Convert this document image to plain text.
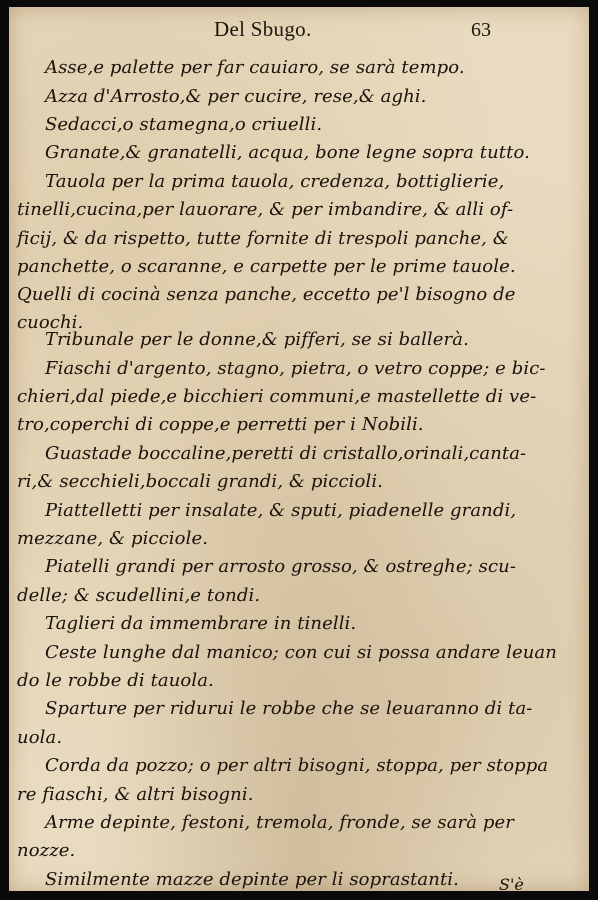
Del Sbugo.	63
Asse,e palette per far cauiaro, se sarà tempo.
Azza d'Arrosto,& per cucire, rese,& aghi.
Sedacci,o stamegna,o criuelli.
Granate,& granatelli, acqua, bone legne sopra tutto.
Tauola per la prima tauola, credenza, bottiglierie,
tinelli,cucina,per lauorare, & per imbandire, & alli of-
ficij, & da rispetto, tutte fornite di trespoli panche, &
panchette, o scaranne, e carpette per le prime tauole.
Quelli di cocinà senza panche, eccetto pe'l bisogno de
cuochi.
Tribunale per le donne,& pifferi, se si ballerà.
Fiaschi d'argento, stagno, pietra, o vetro coppe; e bic-
chieri,dal piede,e bicchieri communi,e mastellette di ve-
tro,coperchi di coppe,e perretti per i Nobili.
Guastade boccaline,peretti di cristallo,orinali,canta-
ri,& secchieli,boccali grandi, & piccioli.
Piattelletti per insalate, & sputi, piadenelle grandi,
mezzane, & picciole.
Piatelli grandi per arrosto grosso, & ostreghe; scu-
delle; & scudellini,e tondi.
Taglieri da immembrare in tinelli.
Ceste lunghe dal manico; con cui si possa andare leuan
do le robbe di tauola.
Sparture per ridurui le robbe che se leuaranno di ta-
uola.
Corda da pozzo; o per altri bisogni, stoppa, per stoppa
re fiaschi, & altri bisogni.
Arme depinte, festoni, tremola, fronde, se sarà per
nozze.
Similmente mazze depinte per li soprastanti.	S'è
